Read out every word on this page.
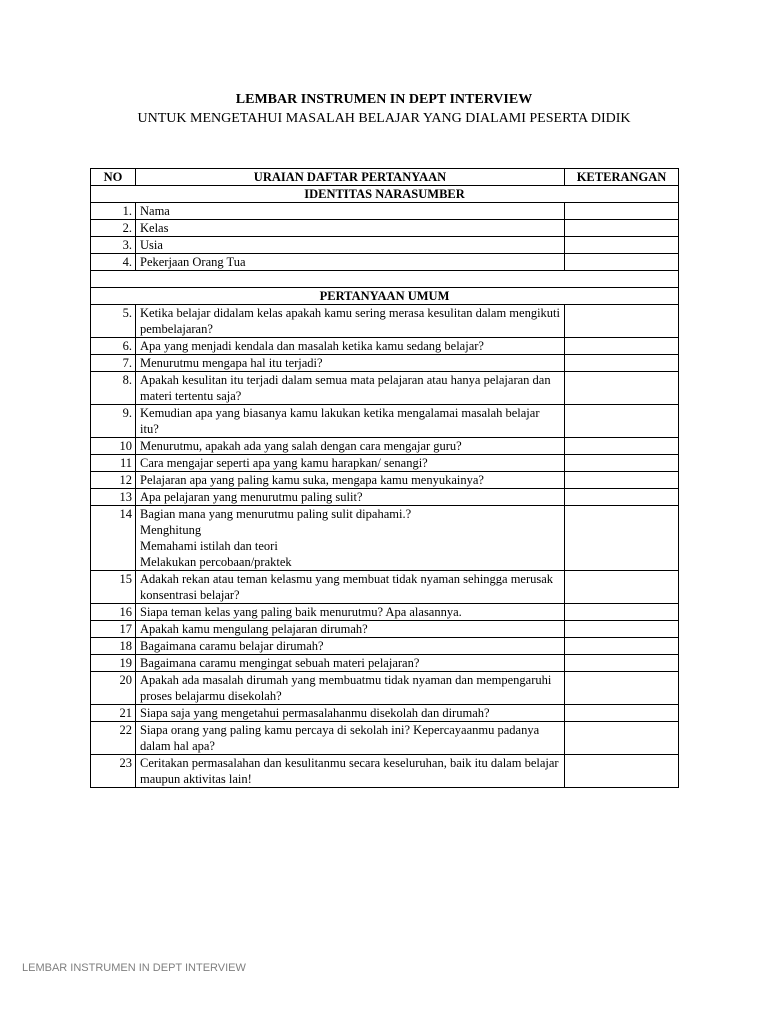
LEMBAR INSTRUMEN IN DEPT INTERVIEW
UNTUK MENGETAHUI MASALAH BELAJAR YANG DIALAMI PESERTA DIDIK
NO	URAIAN DAFTAR PERTANYAAN	KETERANGAN
IDENTITAS NARASUMBER		
1.	Nama	
2.	Kelas	
3.	Usia	
4.	Pekerjaan Orang Tua	

PERTANYAAN UMUM		
5.	Ketika belajar didalam kelas apakah kamu sering merasa kesulitan dalam mengikuti pembelajaran?	
6.	Apa yang menjadi kendala dan masalah ketika kamu sedang belajar?	
7.	Menurutmu mengapa hal itu terjadi?	
8.	Apakah kesulitan itu terjadi dalam semua mata pelajaran atau hanya pelajaran dan materi tertentu saja?	
9.	Kemudian apa yang biasanya kamu lakukan ketika mengalamai masalah belajar itu?	
10	Menurutmu, apakah ada yang salah dengan cara mengajar guru?	
11	Cara mengajar seperti apa yang kamu harapkan/ senangi?	
12	Pelajaran apa yang paling kamu suka, mengapa kamu menyukainya?	
13	Apa pelajaran yang menurutmu paling sulit?	
14	Bagian mana yang menurutmu paling sulit dipahami.?
Menghitung
Memahami istilah dan teori
Melakukan percobaan/praktek	

15	Adakah rekan atau teman kelasmu yang membuat tidak nyaman sehingga merusak konsentrasi belajar?	
16	Siapa teman kelas yang paling baik menurutmu? Apa alasannya.	
17	Apakah kamu mengulang pelajaran dirumah?	
18	Bagaimana caramu belajar dirumah?	
19	Bagaimana caramu mengingat sebuah materi pelajaran?	
20	Apakah ada masalah dirumah yang membuatmu tidak nyaman dan mempengaruhi proses belajarmu disekolah?	
21	Siapa saja yang mengetahui permasalahanmu disekolah dan dirumah?	
22	Siapa orang yang paling kamu percaya di sekolah ini? Kepercayaanmu padanya dalam hal apa?	
23	Ceritakan permasalahan dan kesulitanmu secara keseluruhan, baik itu dalam belajar maupun aktivitas lain!	
LEMBAR INSTRUMEN IN DEPT INTERVIEW
